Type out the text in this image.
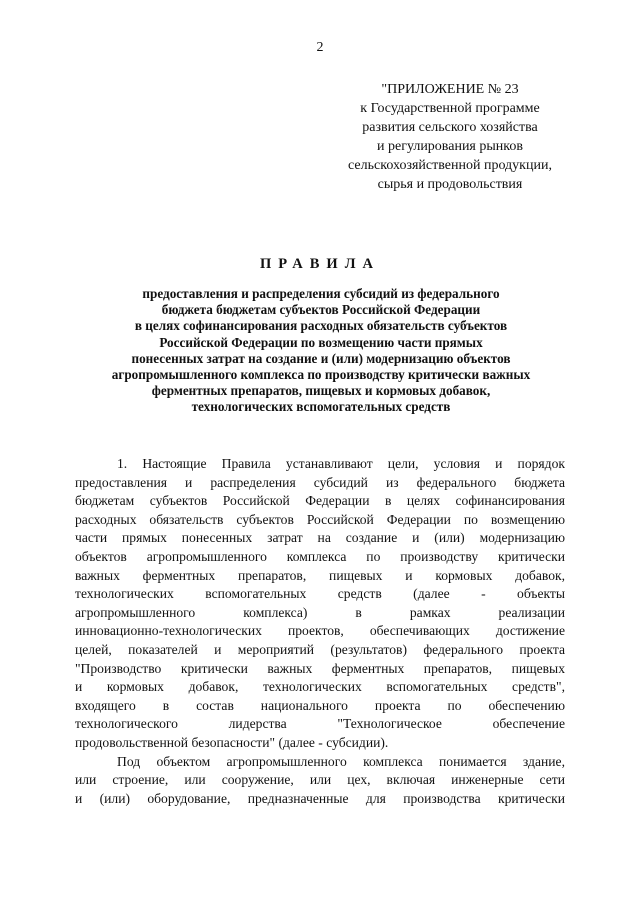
2
"ПРИЛОЖЕНИЕ № 23
к Государственной программе
развития сельского хозяйства
и регулирования рынков
сельскохозяйственной продукции,
сырья и продовольствия
ПРАВИЛА
предоставления и распределения субсидий из федерального
бюджета бюджетам субъектов Российской Федерации
в целях софинансирования расходных обязательств субъектов
Российской Федерации по возмещению части прямых
понесенных затрат на создание и (или) модернизацию объектов
агропромышленного комплекса по производству критически важных
ферментных препаратов, пищевых и кормовых добавок,
технологических вспомогательных средств
1. Настоящие Правила устанавливают цели, условия и порядок
предоставления и распределения субсидий из федерального бюджета
бюджетам субъектов Российской Федерации в целях софинансирования
расходных обязательств субъектов Российской Федерации по возмещению
части прямых понесенных затрат на создание и (или) модернизацию
объектов агропромышленного комплекса по производству критически
важных ферментных препаратов, пищевых и кормовых добавок,
технологических вспомогательных средств (далее - объекты
агропромышленного комплекса) в рамках реализации
инновационно-технологических проектов, обеспечивающих достижение
целей, показателей и мероприятий (результатов) федерального проекта
"Производство критически важных ферментных препаратов, пищевых
и кормовых добавок, технологических вспомогательных средств",
входящего в состав национального проекта по обеспечению
технологического лидерства "Технологическое обеспечение
продовольственной безопасности" (далее - субсидии).
Под объектом агропромышленного комплекса понимается здание,
или строение, или сооружение, или цех, включая инженерные сети
и (или) оборудование, предназначенные для производства критически
